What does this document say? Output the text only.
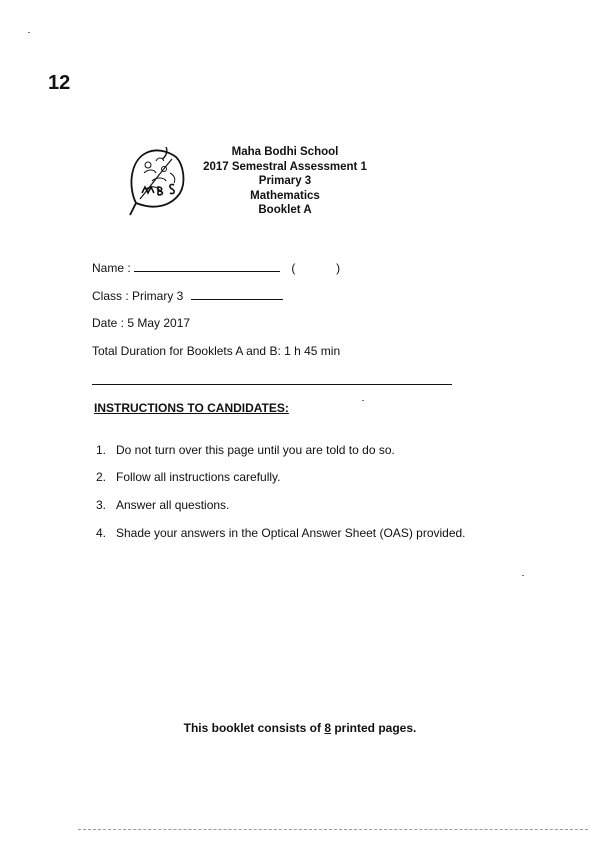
12
Maha Bodhi School
2017 Semestral Assessment 1
Primary 3
Mathematics
Booklet A
Name :	(	)
Class : Primary 3
Date : 5 May 2017
Total Duration for Booklets A and B: 1 h 45 min
INSTRUCTIONS TO CANDIDATES:
1. Do not turn over this page until you are told to do so.
2. Follow all instructions carefully.
3. Answer all questions.
4. Shade your answers in the Optical Answer Sheet (OAS) provided.
This booklet consists of 8 printed pages.
